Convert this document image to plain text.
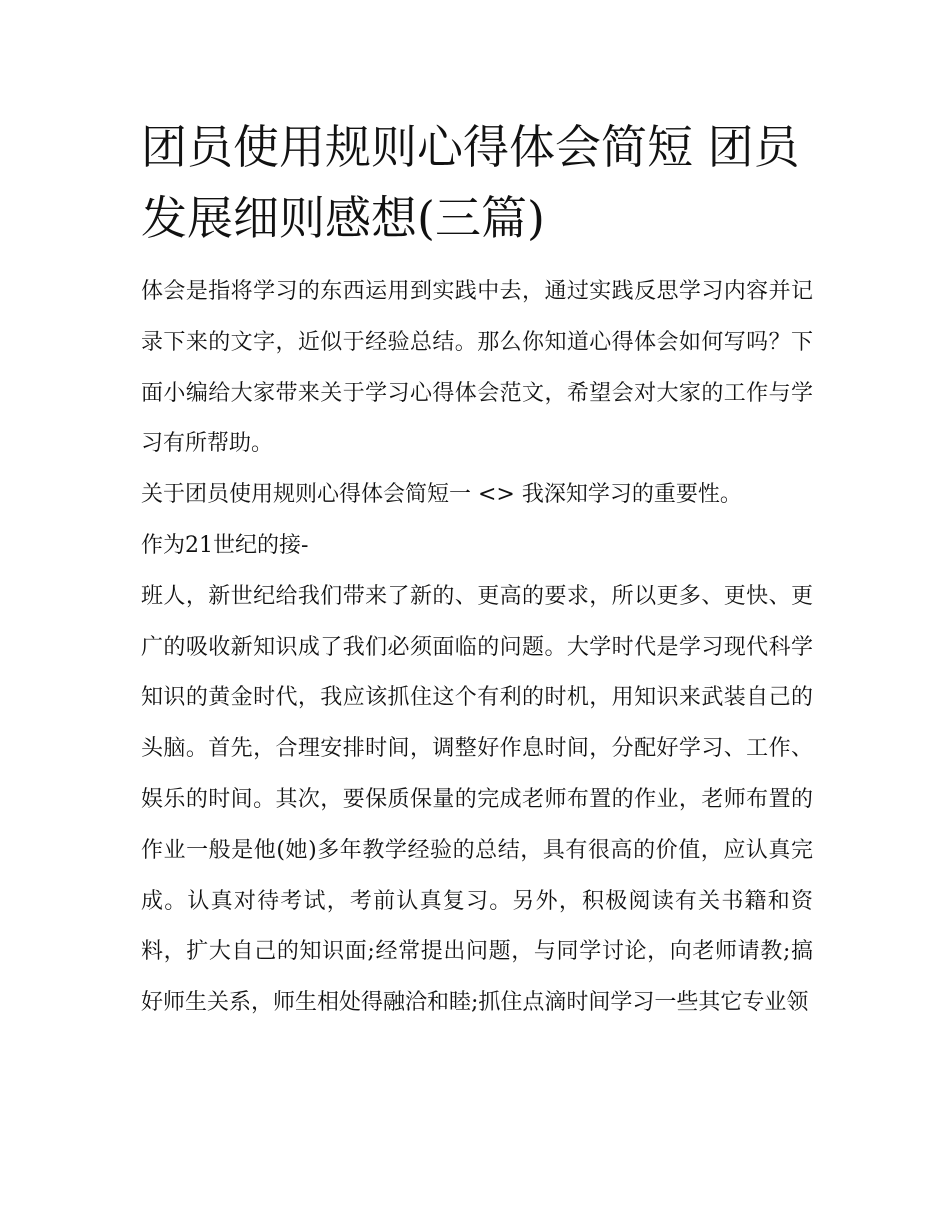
团员使用规则心得体会简短 团员发展细则感想(三篇)

体会是指将学习的东西运用到实践中去，通过实践反思学习内容并记录下来的文字，近似于经验总结。那么你知道心得体会如何写吗？下面小编给大家带来关于学习心得体会范文，希望会对大家的工作与学习有所帮助。

关于团员使用规则心得体会简短一 <> 我深知学习的重要性。

作为21世纪的接-

班人，新世纪给我们带来了新的、更高的要求，所以更多、更快、更广的吸收新知识成了我们必须面临的问题。大学时代是学习现代科学知识的黄金时代，我应该抓住这个有利的时机，用知识来武装自己的头脑。首先，合理安排时间，调整好作息时间，分配好学习、工作、娱乐的时间。其次，要保质保量的完成老师布置的作业，老师布置的作业一般是他(她)多年教学经验的总结，具有很高的价值，应认真完成。认真对待考试，考前认真复习。另外，积极阅读有关书籍和资料，扩大自己的知识面;经常提出问题，与同学讨论，向老师请教;搞好师生关系，师生相处得融洽和睦;抓住点滴时间学习一些其它专业领
